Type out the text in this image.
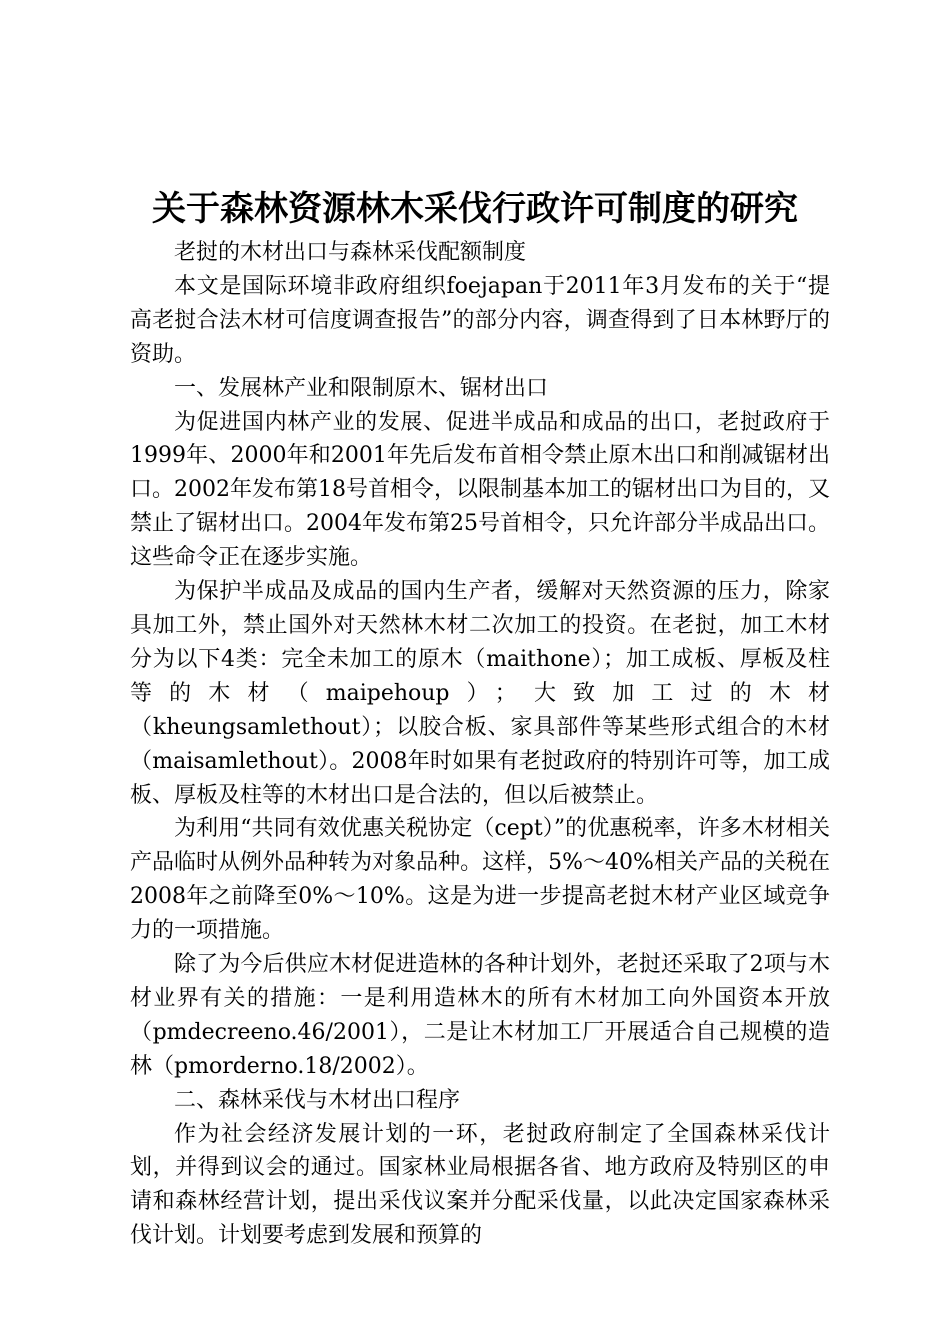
关于森林资源林木采伐行政许可制度的研究

老挝的木材出口与森林采伐配额制度

本文是国际环境非政府组织foejapan于2011年3月发布的关于“提高老挝合法木材可信度调查报告”的部分内容，调查得到了日本林野厅的资助。

一、发展林产业和限制原木、锯材出口

为促进国内林产业的发展、促进半成品和成品的出口，老挝政府于1999年、2000年和2001年先后发布首相令禁止原木出口和削减锯材出口。2002年发布第18号首相令，以限制基本加工的锯材出口为目的，又禁止了锯材出口。2004年发布第25号首相令，只允许部分半成品出口。这些命令正在逐步实施。

为保护半成品及成品的国内生产者，缓解对天然资源的压力，除家具加工外，禁止国外对天然林木材二次加工的投资。在老挝，加工木材分为以下4类：完全未加工的原木（maithone）；加工成板、厚板及柱等的木材（maipehoup）；大致加工过的木材（kheungsamlethout）；以胶合板、家具部件等某些形式组合的木材（maisamlethout）。2008年时如果有老挝政府的特别许可等，加工成板、厚板及柱等的木材出口是合法的，但以后被禁止。

为利用“共同有效优惠关税协定（cept）”的优惠税率，许多木材相关产品临时从例外品种转为对象品种。这样，5%～40%相关产品的关税在2008年之前降至0%～10%。这是为进一步提高老挝木材产业区域竞争力的一项措施。

除了为今后供应木材促进造林的各种计划外，老挝还采取了2项与木材业界有关的措施：一是利用造林木的所有木材加工向外国资本开放（pmdecreeno.46/2001），二是让木材加工厂开展适合自己规模的造林（pmorderno.18/2002）。

二、森林采伐与木材出口程序

作为社会经济发展计划的一环，老挝政府制定了全国森林采伐计划，并得到议会的通过。国家林业局根据各省、地方政府及特别区的申请和森林经营计划，提出采伐议案并分配采伐量，以此决定国家森林采伐计划。计划要考虑到发展和预算的
